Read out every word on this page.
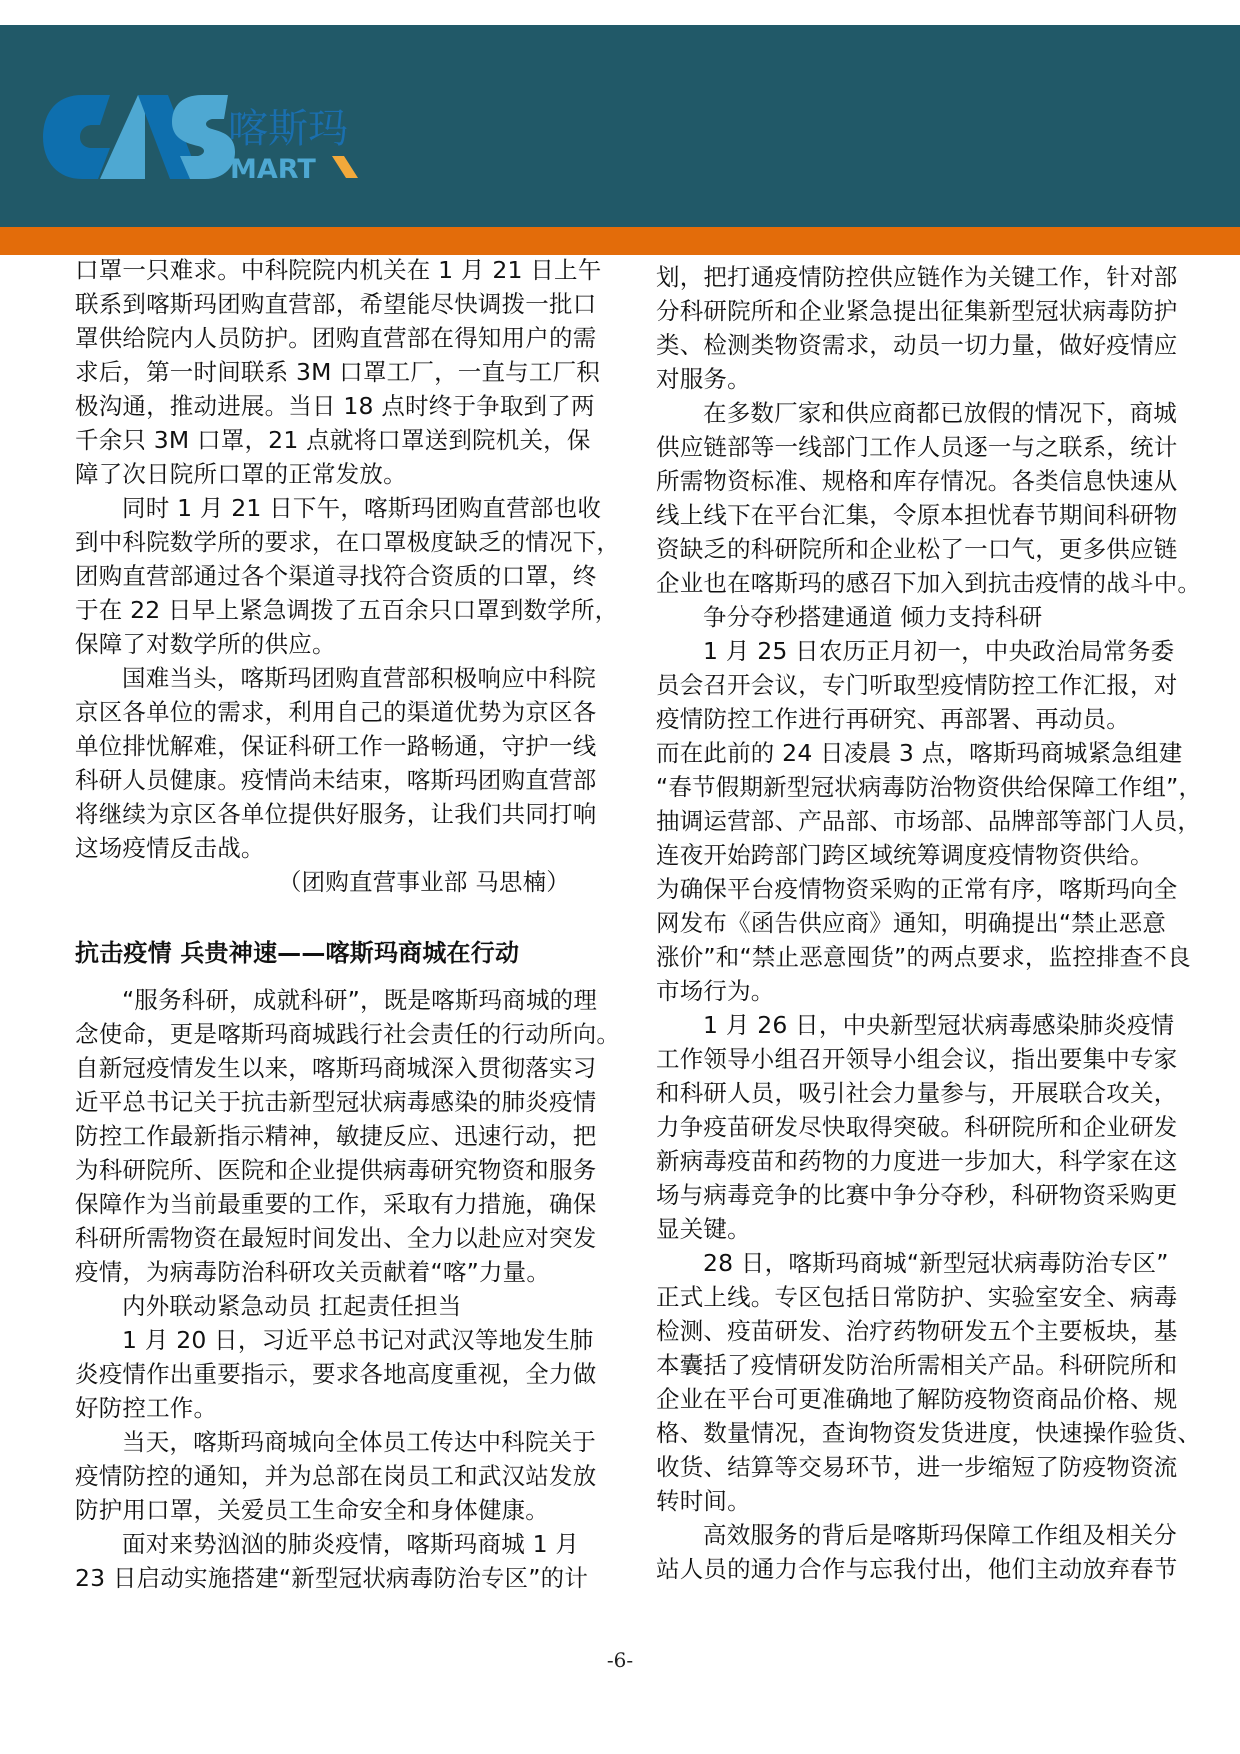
喀斯玛
MART
口罩一只难求。中科院院内机关在 1 月 21 日上午
联系到喀斯玛团购直营部，希望能尽快调拨一批口
罩供给院内人员防护。团购直营部在得知用户的需
求后，第一时间联系 3M 口罩工厂，一直与工厂积
极沟通，推动进展。当日 18 点时终于争取到了两
千余只 3M 口罩，21 点就将口罩送到院机关，保
障了次日院所口罩的正常发放。
同时 1 月 21 日下午，喀斯玛团购直营部也收
到中科院数学所的要求，在口罩极度缺乏的情况下，
团购直营部通过各个渠道寻找符合资质的口罩，终
于在 22 日早上紧急调拨了五百余只口罩到数学所，
保障了对数学所的供应。
国难当头，喀斯玛团购直营部积极响应中科院
京区各单位的需求，利用自己的渠道优势为京区各
单位排忧解难，保证科研工作一路畅通，守护一线
科研人员健康。疫情尚未结束，喀斯玛团购直营部
将继续为京区各单位提供好服务，让我们共同打响
这场疫情反击战。
（团购直营事业部 马思楠）
抗击疫情 兵贵神速——喀斯玛商城在行动
“服务科研，成就科研”，既是喀斯玛商城的理
念使命，更是喀斯玛商城践行社会责任的行动所向。
自新冠疫情发生以来，喀斯玛商城深入贯彻落实习
近平总书记关于抗击新型冠状病毒感染的肺炎疫情
防控工作最新指示精神，敏捷反应、迅速行动，把
为科研院所、医院和企业提供病毒研究物资和服务
保障作为当前最重要的工作，采取有力措施，确保
科研所需物资在最短时间发出、全力以赴应对突发
疫情，为病毒防治科研攻关贡献着“喀”力量。
内外联动紧急动员 扛起责任担当
1 月 20 日，习近平总书记对武汉等地发生肺
炎疫情作出重要指示，要求各地高度重视，全力做
好防控工作。
当天，喀斯玛商城向全体员工传达中科院关于
疫情防控的通知，并为总部在岗员工和武汉站发放
防护用口罩，关爱员工生命安全和身体健康。
面对来势汹汹的肺炎疫情，喀斯玛商城 1 月
23 日启动实施搭建“新型冠状病毒防治专区”的计
划，把打通疫情防控供应链作为关键工作，针对部
分科研院所和企业紧急提出征集新型冠状病毒防护
类、检测类物资需求，动员一切力量，做好疫情应
对服务。
在多数厂家和供应商都已放假的情况下，商城
供应链部等一线部门工作人员逐一与之联系，统计
所需物资标准、规格和库存情况。各类信息快速从
线上线下在平台汇集，令原本担忧春节期间科研物
资缺乏的科研院所和企业松了一口气，更多供应链
企业也在喀斯玛的感召下加入到抗击疫情的战斗中。
争分夺秒搭建通道 倾力支持科研
1 月 25 日农历正月初一，中央政治局常务委
员会召开会议，专门听取型疫情防控工作汇报，对
疫情防控工作进行再研究、再部署、再动员。
而在此前的 24 日凌晨 3 点，喀斯玛商城紧急组建
“春节假期新型冠状病毒防治物资供给保障工作组”，
抽调运营部、产品部、市场部、品牌部等部门人员，
连夜开始跨部门跨区域统筹调度疫情物资供给。
为确保平台疫情物资采购的正常有序，喀斯玛向全
网发布《函告供应商》通知，明确提出“禁止恶意
涨价”和“禁止恶意囤货”的两点要求，监控排查不良
市场行为。
1 月 26 日，中央新型冠状病毒感染肺炎疫情
工作领导小组召开领导小组会议，指出要集中专家
和科研人员，吸引社会力量参与，开展联合攻关，
力争疫苗研发尽快取得突破。科研院所和企业研发
新病毒疫苗和药物的力度进一步加大，科学家在这
场与病毒竞争的比赛中争分夺秒，科研物资采购更
显关键。
28 日，喀斯玛商城“新型冠状病毒防治专区”
正式上线。专区包括日常防护、实验室安全、病毒
检测、疫苗研发、治疗药物研发五个主要板块，基
本囊括了疫情研发防治所需相关产品。科研院所和
企业在平台可更准确地了解防疫物资商品价格、规
格、数量情况，查询物资发货进度，快速操作验货、
收货、结算等交易环节，进一步缩短了防疫物资流
转时间。
高效服务的背后是喀斯玛保障工作组及相关分
站人员的通力合作与忘我付出，他们主动放弃春节
-6-
